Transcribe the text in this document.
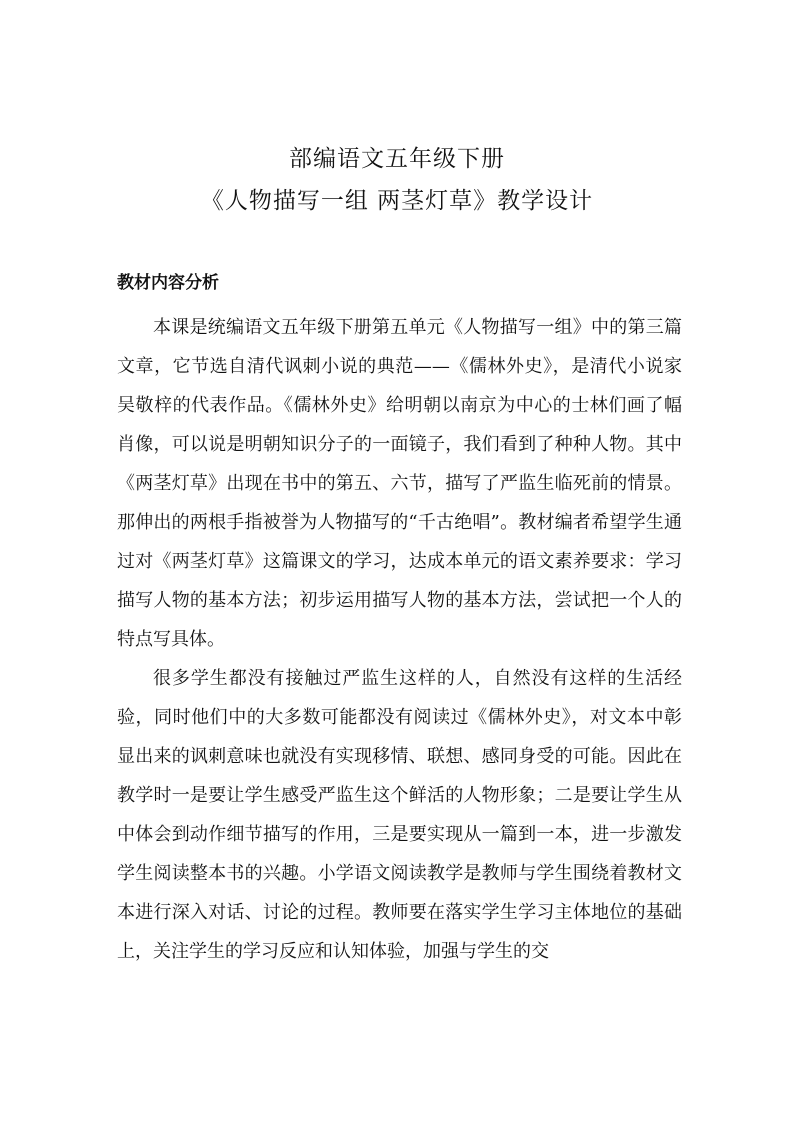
部编语文五年级下册
《人物描写一组 两茎灯草》教学设计
教材内容分析

本课是统编语文五年级下册第五单元《人物描写一组》中的第三篇文章，它节选自清代讽刺小说的典范——《儒林外史》，是清代小说家吴敬梓的代表作品。《儒林外史》给明朝以南京为中心的士林们画了幅肖像，可以说是明朝知识分子的一面镜子，我们看到了种种人物。其中《两茎灯草》出现在书中的第五、六节，描写了严监生临死前的情景。那伸出的两根手指被誉为人物描写的“千古绝唱”。教材编者希望学生通过对《两茎灯草》这篇课文的学习，达成本单元的语文素养要求：学习描写人物的基本方法；初步运用描写人物的基本方法，尝试把一个人的特点写具体。

很多学生都没有接触过严监生这样的人，自然没有这样的生活经验，同时他们中的大多数可能都没有阅读过《儒林外史》，对文本中彰显出来的讽刺意味也就没有实现移情、联想、感同身受的可能。因此在教学时一是要让学生感受严监生这个鲜活的人物形象；二是要让学生从中体会到动作细节描写的作用，三是要实现从一篇到一本，进一步激发学生阅读整本书的兴趣。小学语文阅读教学是教师与学生围绕着教材文本进行深入对话、讨论的过程。教师要在落实学生学习主体地位的基础上，关注学生的学习反应和认知体验，加强与学生的交
